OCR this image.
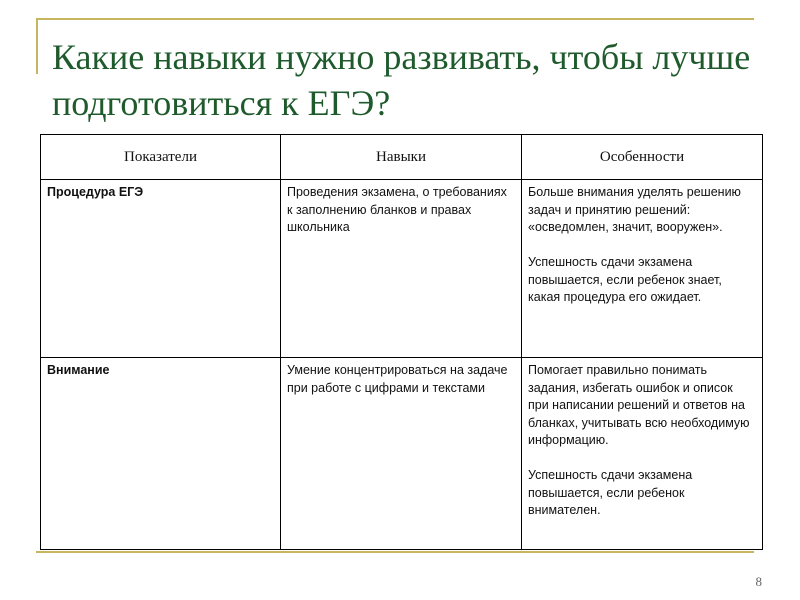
Какие навыки нужно развивать, чтобы лучше подготовиться к ЕГЭ?
Показатели	Навыки	Особенности
Процедура ЕГЭ	Проведения экзамена, о требованиях к заполнению бланков и правах школьника	Больше внимания уделять решению задач и принятию решений: «осведомлен, значит, вооружен».
Успешность сдачи экзамена повышается, если ребенок знает, какая процедура его ожидает.

Внимание	Умение концентрироваться на задаче при работе с цифрами и текстами	Помогает правильно понимать задания, избегать ошибок и описок при написании решений и ответов на бланках, учитывать всю необходимую информацию.
Успешность сдачи экзамена повышается, если ребенок внимателен.
8
